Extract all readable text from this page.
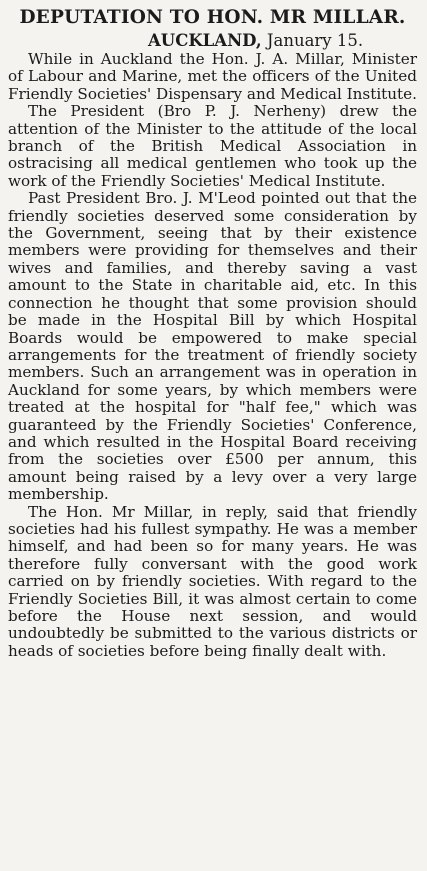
DEPUTATION TO HON. MR MILLAR.

AUCKLAND, January 15.

While in Auckland the Hon. J. A. Millar, Minister of Labour and Marine, met the officers of the United Friendly Societies' Dispensary and Medical Institute.

The President (Bro P. J. Nerheny) drew the attention of the Minister to the attitude of the local branch of the British Medical Association in ostracising all medical gentlemen who took up the work of the Friendly Societies' Medical Institute.

Past President Bro. J. M'Leod pointed out that the friendly societies deserved some consideration by the Government, seeing that by their existence members were providing for themselves and their wives and families, and thereby saving a vast amount to the State in charitable aid, etc. In this connection he thought that some provision should be made in the Hospital Bill by which Hospital Boards would be empowered to make special arrangements for the treatment of friendly society members. Such an arrangement was in operation in Auckland for some years, by which members were treated at the hospital for "half fee," which was guaranteed by the Friendly Societies' Conference, and which resulted in the Hospital Board receiving from the societies over £500 per annum, this amount being raised by a levy over a very large membership.

The Hon. Mr Millar, in reply, said that friendly societies had his fullest sympathy. He was a member himself, and had been so for many years. He was therefore fully conversant with the good work carried on by friendly societies. With regard to the Friendly Societies Bill, it was almost certain to come before the House next session, and would undoubtedly be submitted to the various districts or heads of societies before being finally dealt with.
